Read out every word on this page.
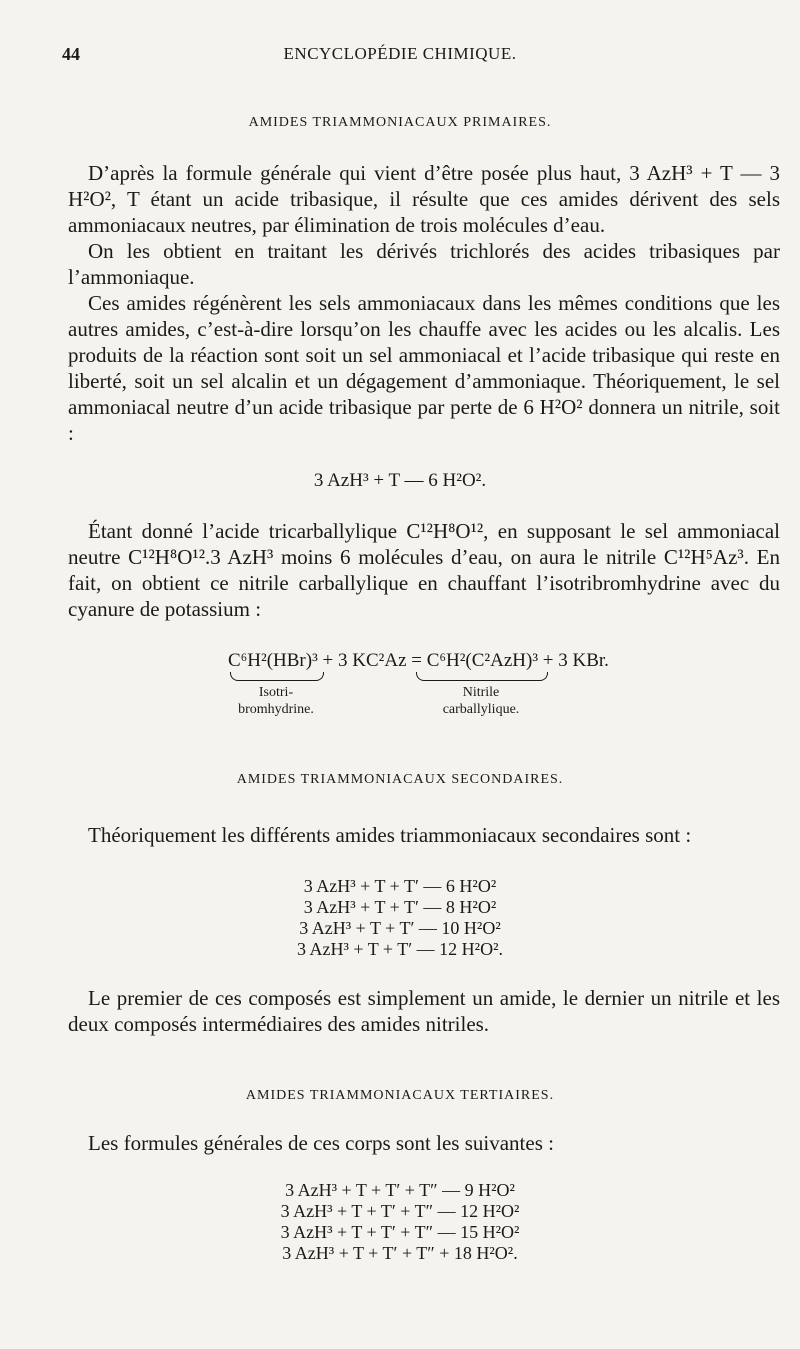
44	ENCYCLOPÉDIE CHIMIQUE.
AMIDES TRIAMMONIACAUX PRIMAIRES.

D’après la formule générale qui vient d’être posée plus haut, 3 AzH³ + T — 3 H²O², T étant un acide tribasique, il résulte que ces amides dérivent des sels ammoniacaux neutres, par élimination de trois molécules d’eau.

On les obtient en traitant les dérivés trichlorés des acides tribasiques par l’ammoniaque.

Ces amides régénèrent les sels ammoniacaux dans les mêmes conditions que les autres amides, c’est-à-dire lorsqu’on les chauffe avec les acides ou les alcalis. Les produits de la réaction sont soit un sel ammoniacal et l’acide tribasique qui reste en liberté, soit un sel alcalin et un dégagement d’ammoniaque. Théoriquement, le sel ammoniacal neutre d’un acide tribasique par perte de 6 H²O² donnera un nitrile, soit :

3 AzH³ + T — 6 H²O².

Étant donné l’acide tricarballylique C¹²H⁸O¹², en supposant le sel ammoniacal neutre C¹²H⁸O¹².3 AzH³ moins 6 molécules d’eau, on aura le nitrile C¹²H⁵Az³. En fait, on obtient ce nitrile carballylique en chauffant l’isotribromhydrine avec du cyanure de potassium :

C⁶H²(HBr)³ + 3 KC²Az = C⁶H²(C²AzH)³ + 3 KBr.
Isotri-
bromhydrine.
Nitrile
carballylique.
AMIDES TRIAMMONIACAUX SECONDAIRES.

Théoriquement les différents amides triammoniacaux secondaires sont :

3 AzH³ + T + T′ — 6 H²O²
3 AzH³ + T + T′ — 8 H²O²
3 AzH³ + T + T′ — 10 H²O²
3 AzH³ + T + T′ — 12 H²O².

Le premier de ces composés est simplement un amide, le dernier un nitrile et les deux composés intermédiaires des amides nitriles.

AMIDES TRIAMMONIACAUX TERTIAIRES.

Les formules générales de ces corps sont les suivantes :

3 AzH³ + T + T′ + T″ — 9 H²O²
3 AzH³ + T + T′ + T″ — 12 H²O²
3 AzH³ + T + T′ + T″ — 15 H²O²
3 AzH³ + T + T′ + T″ + 18 H²O².
